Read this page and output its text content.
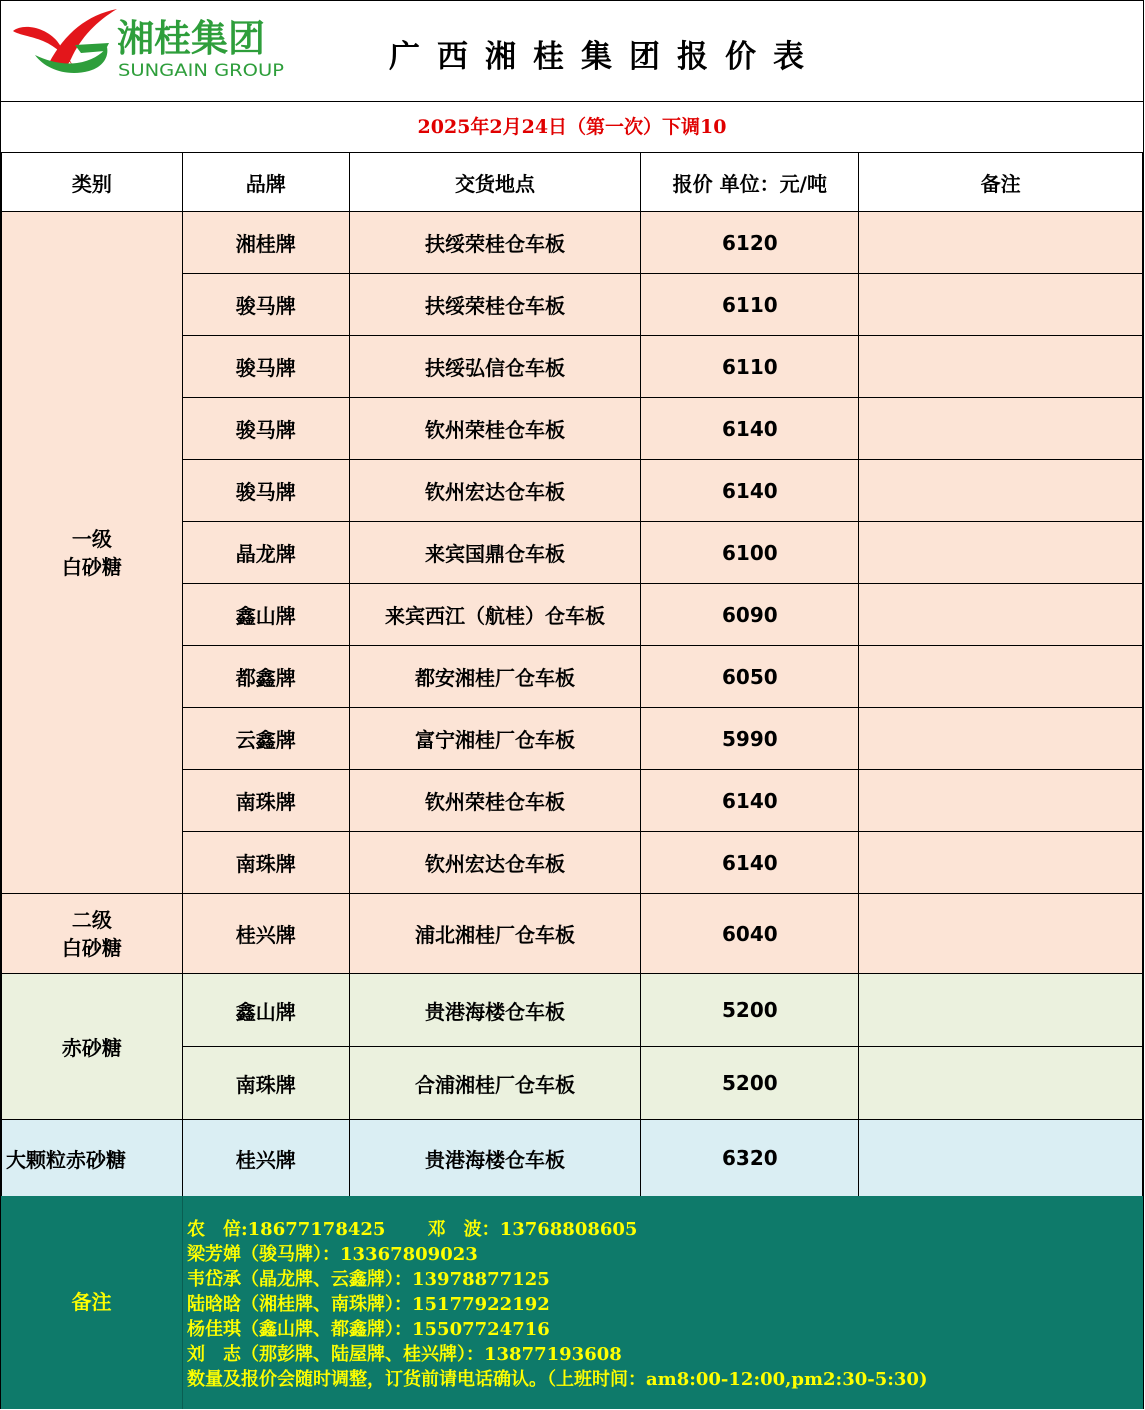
湘桂集团
SUNGAIN GROUP	广西湘桂集团报价表
2025年2月24日（第一次）下调10
类别	品牌	交货地点	报价 单位：元/吨	备注

一级
白砂糖	湘桂牌	扶绥荣桂仓车板	6120	
	骏马牌	扶绥荣桂仓车板	6110	
	骏马牌	扶绥弘信仓车板	6110	
	骏马牌	钦州荣桂仓车板	6140	
	骏马牌	钦州宏达仓车板	6140	
	晶龙牌	来宾国鼎仓车板	6100	
	鑫山牌	来宾西江（航桂）仓车板	6090	
	都鑫牌	都安湘桂厂仓车板	6050	
	云鑫牌	富宁湘桂厂仓车板	5990	
	南珠牌	钦州荣桂仓车板	6140	
	南珠牌	钦州宏达仓车板	6140	

二级
白砂糖	桂兴牌	浦北湘桂厂仓车板	6040	
赤砂糖	鑫山牌	贵港海楼仓车板	5200	
	南珠牌	合浦湘桂厂仓车板	5200	
大颗粒赤砂糖	桂兴牌	贵港海楼仓车板	6320	
备注
农　倍:18677178425　　 邓　波：13768808605
梁芳婵（骏马牌）：13367809023
韦岱承（晶龙牌、云鑫牌）：13978877125
陆晗晗（湘桂牌、南珠牌）：15177922192
杨佳琪（鑫山牌、都鑫牌）：15507724716
刘　志（那彭牌、陆屋牌、桂兴牌）：13877193608
数量及报价会随时调整，订货前请电话确认。（上班时间：am8:00-12:00,pm2:30-5:30)
